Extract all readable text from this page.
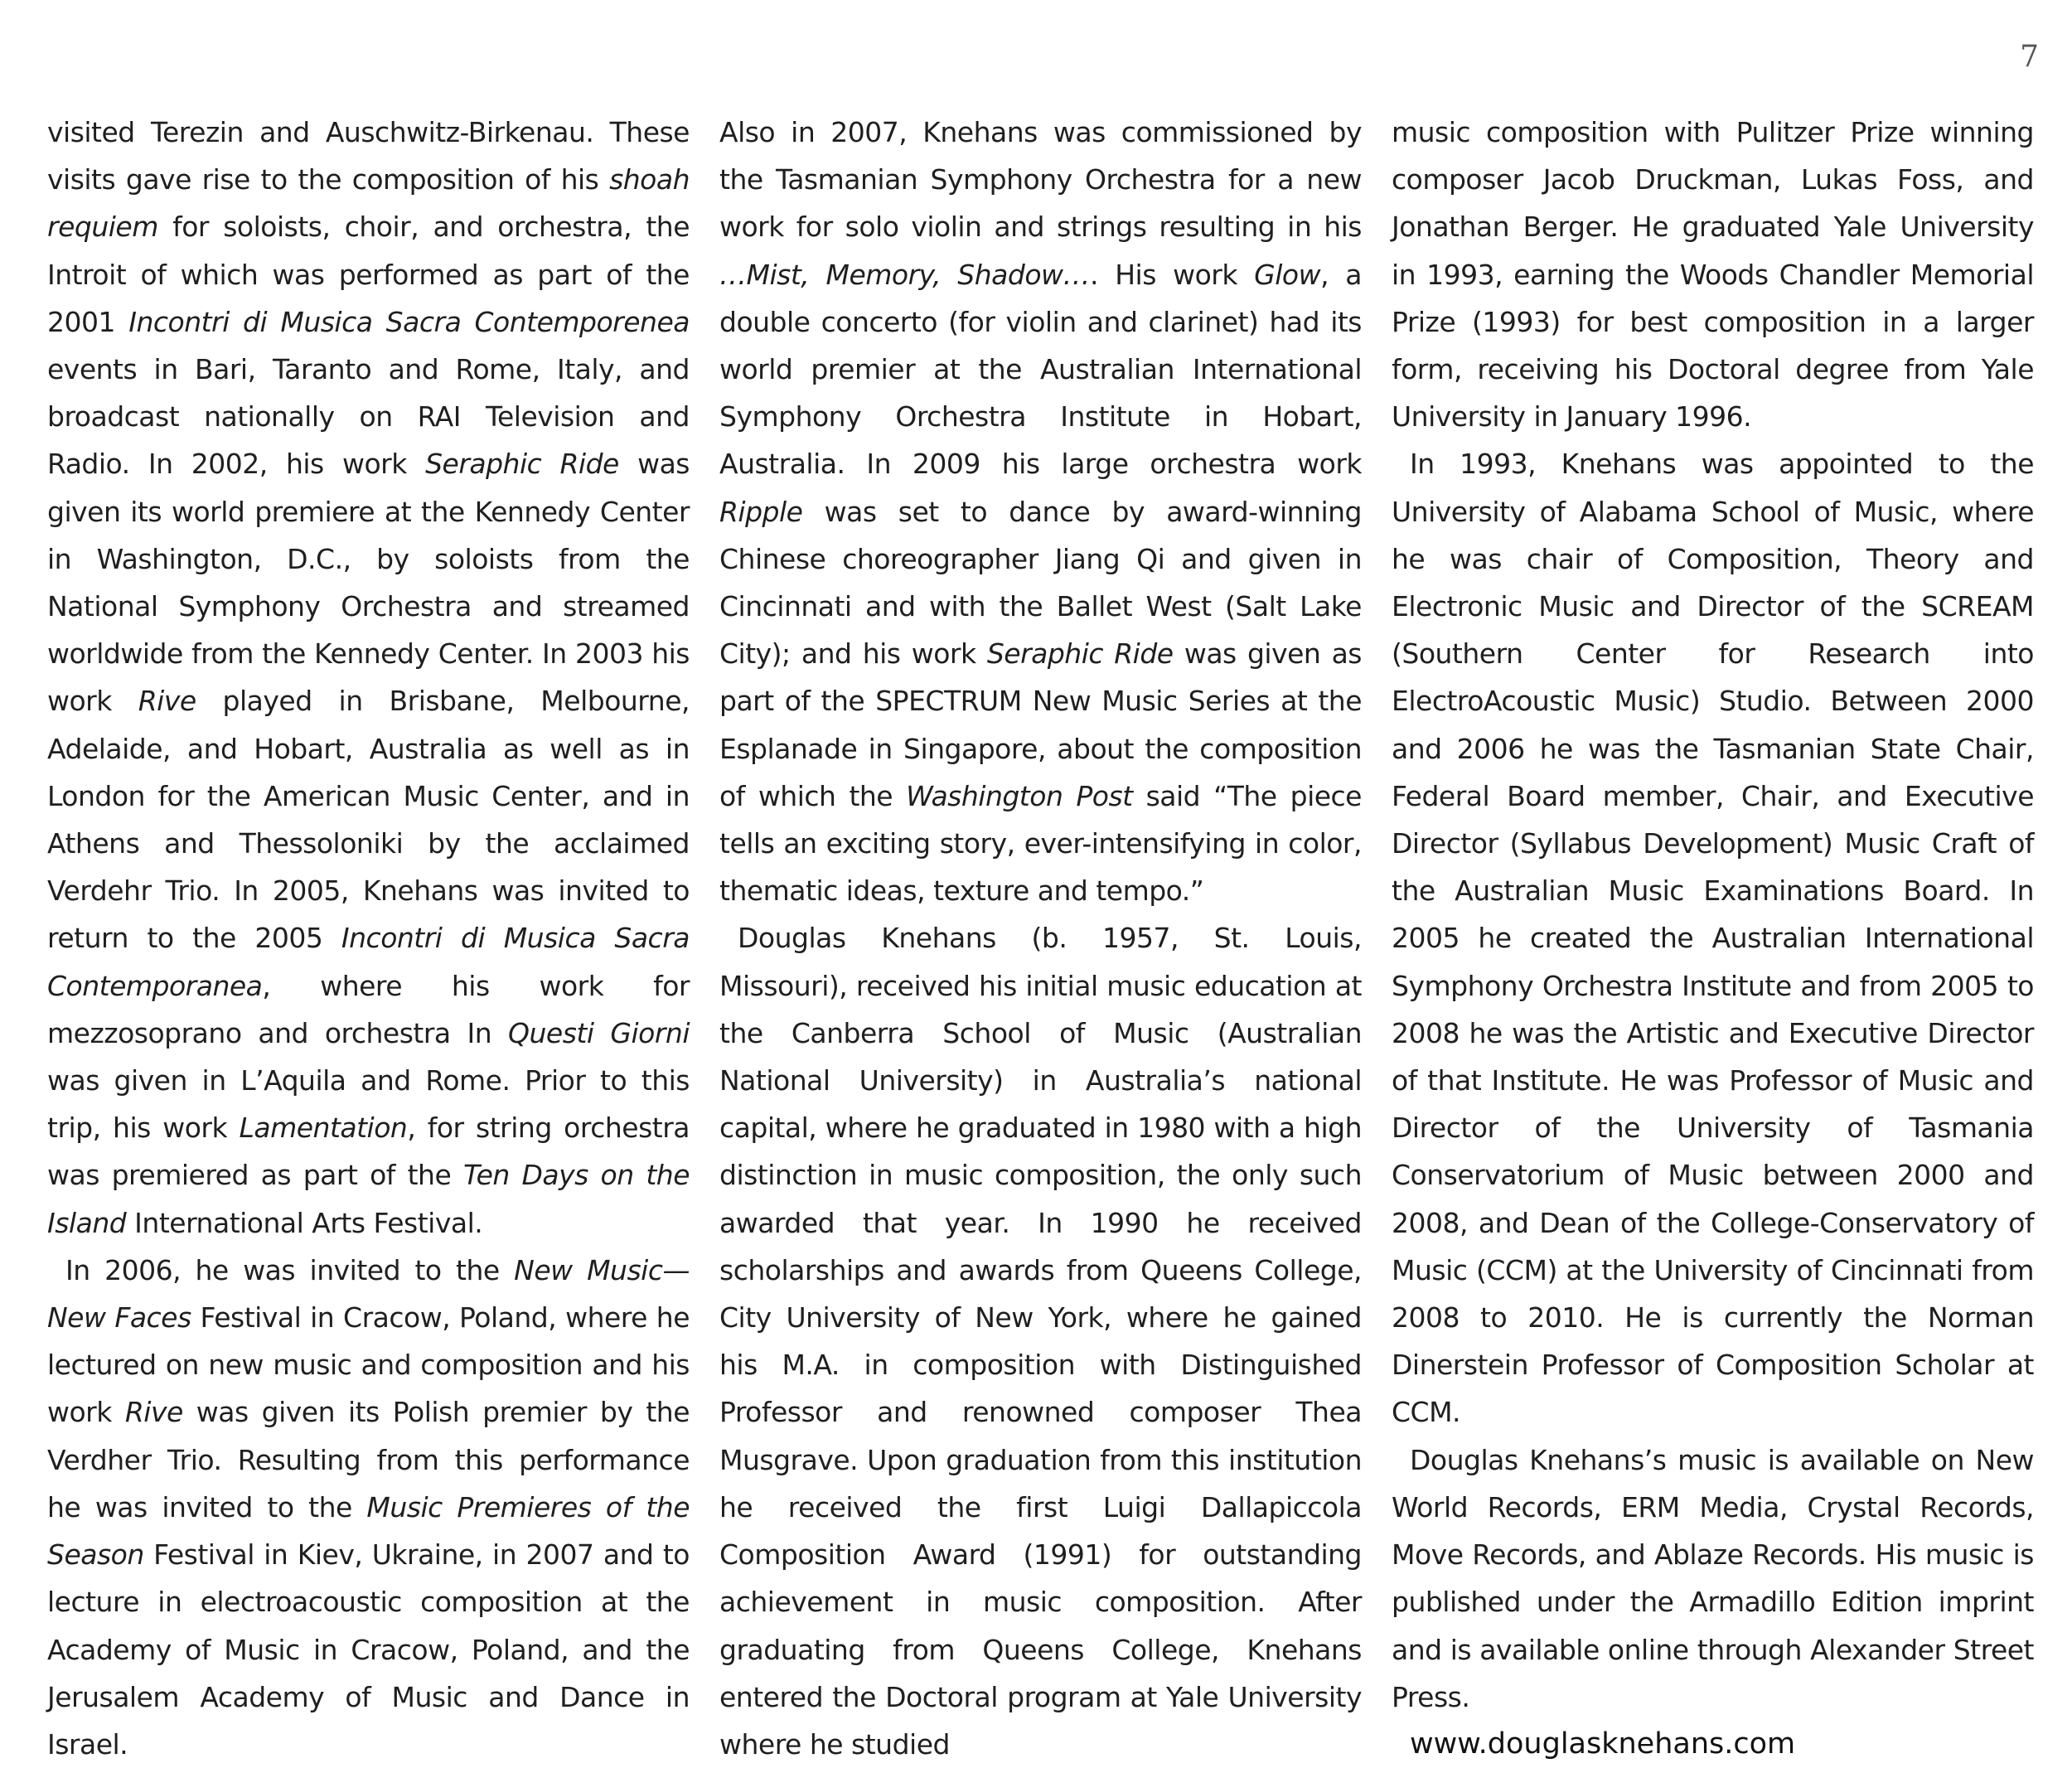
7

visited Terezin and Auschwitz-Birkenau. These visits gave rise to the composition of his shoah requiem for soloists, choir, and orchestra, the Introit of which was performed as part of the 2001 Incontri di Musica Sacra Contemporenea events in Bari, Taranto and Rome, Italy, and broadcast nationally on RAI Television and Radio. In 2002, his work Seraphic Ride was given its world premiere at the Kennedy Center in Washington, D.C., by soloists from the National Symphony Orchestra and streamed worldwide from the Kennedy Center. In 2003 his work Rive played in Brisbane, Melbourne, Adelaide, and Hobart, Australia as well as in London for the American Music Center, and in Athens and Thessoloniki by the acclaimed Verdehr Trio. In 2005, Knehans was invited to return to the 2005 Incontri di Musica Sacra Contemporanea, where his work for mezzosoprano and orchestra In Questi Giorni was given in L’Aquila and Rome. Prior to this trip, his work Lamentation, for string orchestra was premiered as part of the Ten Days on the Island International Arts Festival.

In 2006, he was invited to the New Music—New Faces Festival in Cracow, Poland, where he lectured on new music and composition and his work Rive was given its Polish premier by the Verdher Trio. Resulting from this performance he was invited to the Music Premieres of the Season Festival in Kiev, Ukraine, in 2007 and to lecture in electroacoustic composition at the Academy of Music in Cracow, Poland, and the Jerusalem Academy of Music and Dance in Israel.

Also in 2007, Knehans was commissioned by the Tasmanian Symphony Orchestra for a new work for solo violin and strings resulting in his …Mist, Memory, Shadow…. His work Glow, a double concerto (for violin and clarinet) had its world premier at the Australian International Symphony Orchestra Institute in Hobart, Australia. In 2009 his large orchestra work Ripple was set to dance by award-winning Chinese choreographer Jiang Qi and given in Cincinnati and with the Ballet West (Salt Lake City); and his work Seraphic Ride was given as part of the SPECTRUM New Music Series at the Esplanade in Singapore, about the composition of which the Washington Post said “The piece tells an exciting story, ever-intensifying in color, thematic ideas, texture and tempo.”

Douglas Knehans (b. 1957, St. Louis, Missouri), received his initial music education at the Canberra School of Music (Australian National University) in Australia’s national capital, where he graduated in 1980 with a high distinction in music composition, the only such awarded that year. In 1990 he received scholarships and awards from Queens College, City University of New York, where he gained his M.A. in composition with Distinguished Professor and renowned composer Thea Musgrave. Upon graduation from this institution he received the first Luigi Dallapiccola Composition Award (1991) for outstanding achievement in music composition. After graduating from Queens College, Knehans entered the Doctoral program at Yale University where he studied

music composition with Pulitzer Prize winning composer Jacob Druckman, Lukas Foss, and Jonathan Berger. He graduated Yale University in 1993, earning the Woods Chandler Memorial Prize (1993) for best composition in a larger form, receiving his Doctoral degree from Yale University in January 1996.

In 1993, Knehans was appointed to the University of Alabama School of Music, where he was chair of Composition, Theory and Electronic Music and Director of the SCREAM (Southern Center for Research into ElectroAcoustic Music) Studio. Between 2000 and 2006 he was the Tasmanian State Chair, Federal Board member, Chair, and Executive Director (Syllabus Development) Music Craft of the Australian Music Examinations Board. In 2005 he created the Australian International Symphony Orchestra Institute and from 2005 to 2008 he was the Artistic and Executive Director of that Institute. He was Professor of Music and Director of the University of Tasmania Conservatorium of Music between 2000 and 2008, and Dean of the College-Conservatory of Music (CCM) at the University of Cincinnati from 2008 to 2010. He is currently the Norman Dinerstein Professor of Composition Scholar at CCM.

Douglas Knehans’s music is available on New World Records, ERM Media, Crystal Records, Move Records, and Ablaze Records. His music is published under the Armadillo Edition imprint and is available online through Alexander Street Press.

www.douglasknehans.com
